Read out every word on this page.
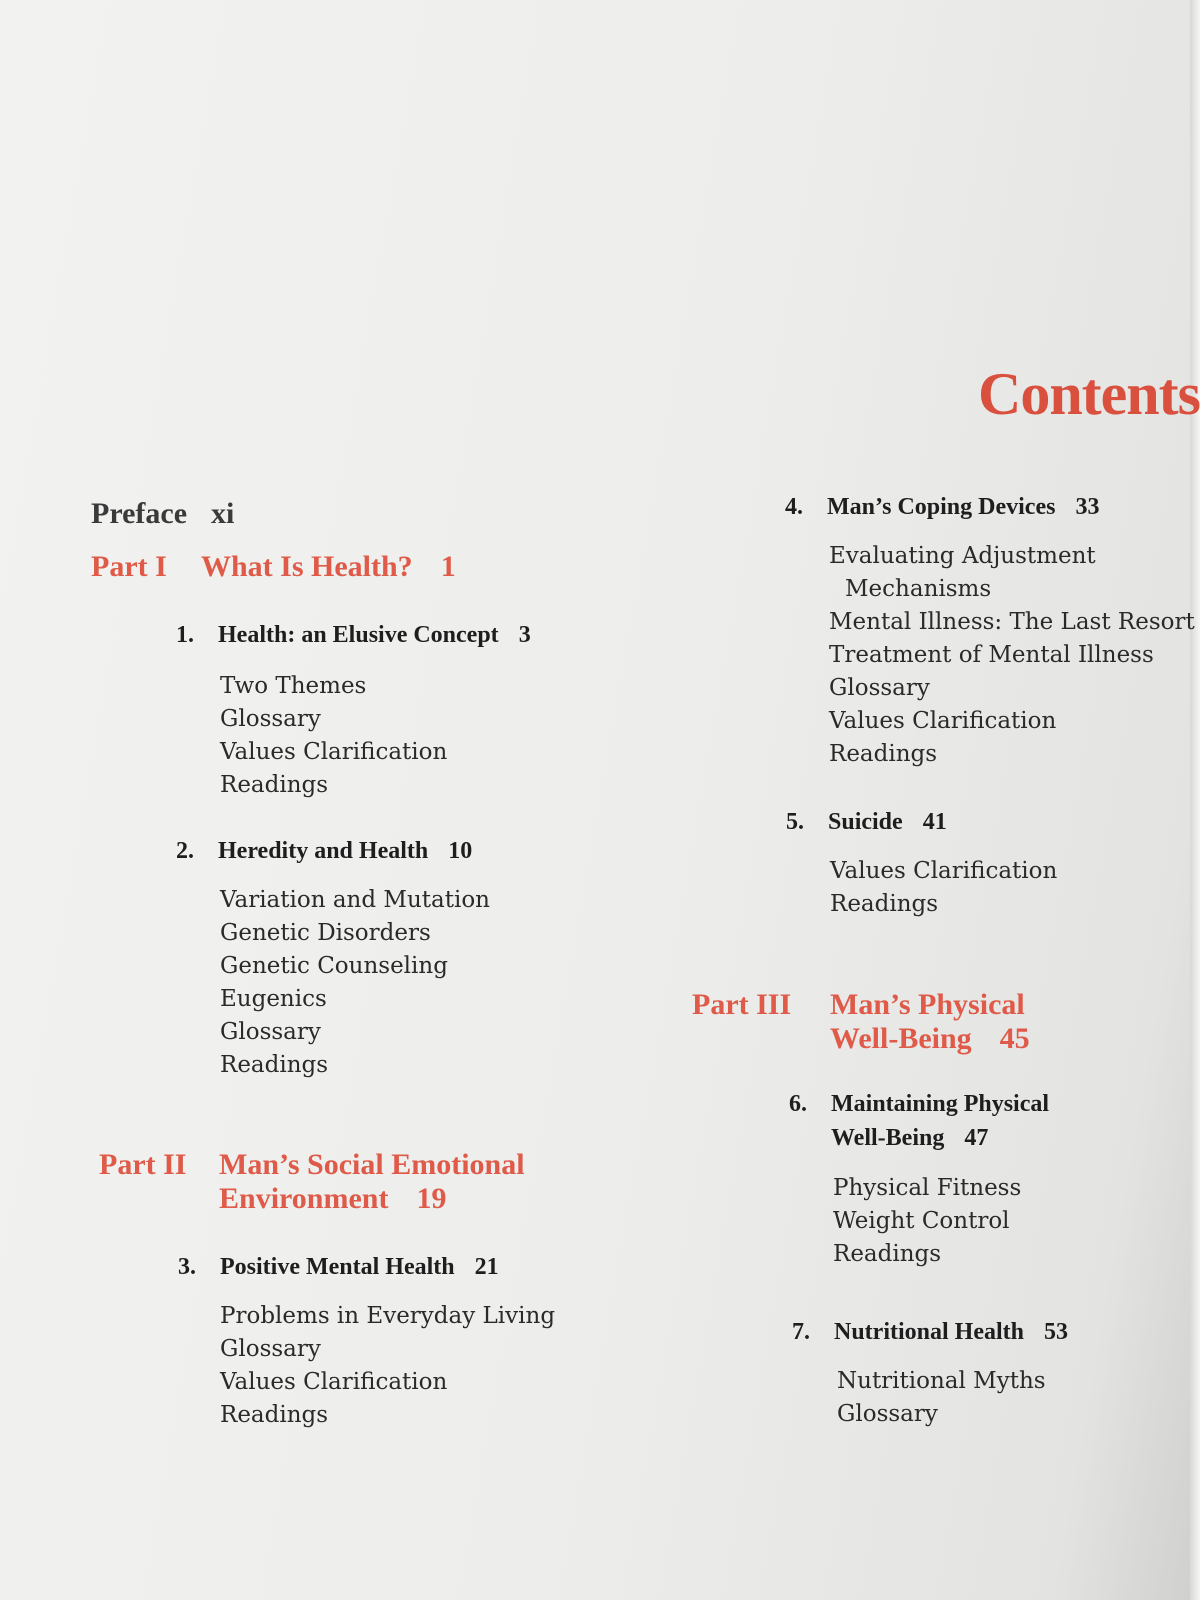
Contents
Preface xi
Part I What Is Health? 1
1. Health: an Elusive Concept 3
Two Themes
Glossary
Values Clarification
Readings
2. Heredity and Health 10
Variation and Mutation
Genetic Disorders
Genetic Counseling
Eugenics
Glossary
Readings
Part II Man’s Social Emotional
Environment 19
3. Positive Mental Health 21
Problems in Everyday Living
Glossary
Values Clarification
Readings
4. Man’s Coping Devices 33
Evaluating Adjustment
Mechanisms
Mental Illness: The Last Resort
Treatment of Mental Illness
Glossary
Values Clarification
Readings
5. Suicide 41
Values Clarification
Readings
Part III Man’s Physical
Well-Being 45
6. Maintaining Physical
Well-Being 47
Physical Fitness
Weight Control
Readings
7. Nutritional Health 53
Nutritional Myths
Glossary
